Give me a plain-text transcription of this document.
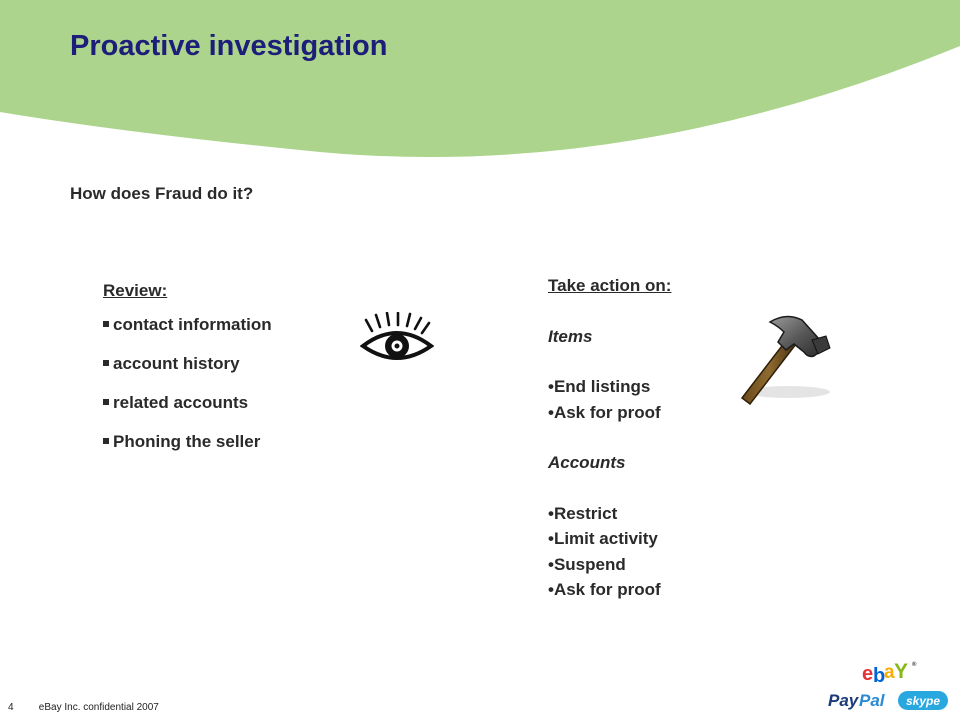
Proactive investigation
How does Fraud do it?
Review:
contact information
account history
related accounts
Phoning the seller
Take action on:
Items
• End listings
• Ask for proof
Accounts
• Restrict
• Limit activity
• Suspend
• Ask for proof
4	eBay Inc. confidential 2007
e b
a Y ®
Pay Pal skype
